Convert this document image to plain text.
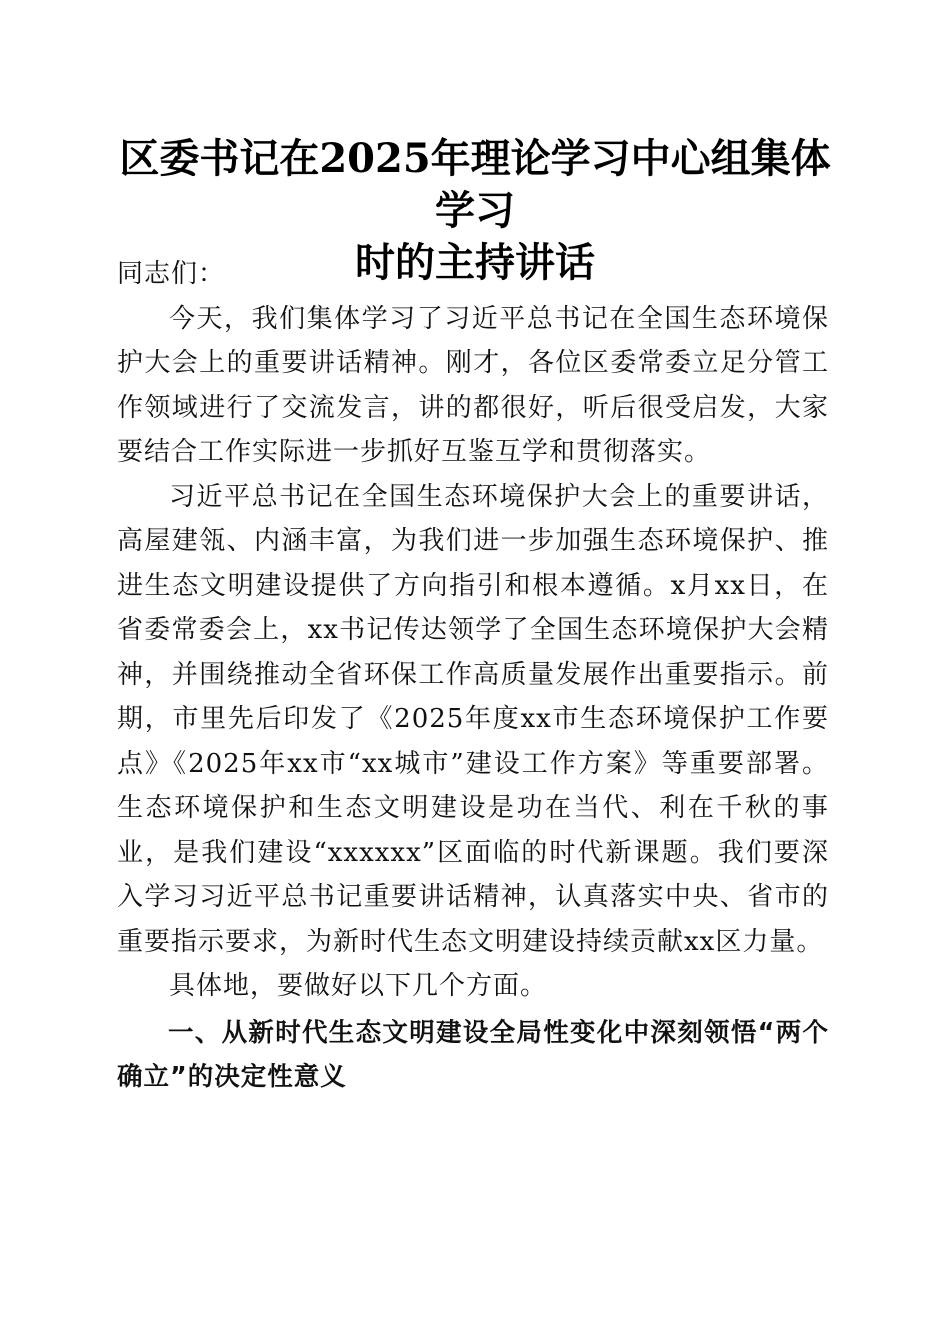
区委书记在2025年理论学习中心组集体学习
时的主持讲话

同志们：

今天，我们集体学习了习近平总书记在全国生态环境保护大会上的重要讲话精神。刚才，各位区委常委立足分管工作领域进行了交流发言，讲的都很好，听后很受启发，大家要结合工作实际进一步抓好互鉴互学和贯彻落实。

习近平总书记在全国生态环境保护大会上的重要讲话，高屋建瓴、内涵丰富，为我们进一步加强生态环境保护、推进生态文明建设提供了方向指引和根本遵循。x月xx日，在省委常委会上，xx书记传达领学了全国生态环境保护大会精神，并围绕推动全省环保工作高质量发展作出重要指示。前期，市里先后印发了《2025年度xx市生态环境保护工作要点》《2025年xx市“xx城市”建设工作方案》等重要部署。生态环境保护和生态文明建设是功在当代、利在千秋的事业，是我们建设“xxxxxx”区面临的时代新课题。我们要深入学习习近平总书记重要讲话精神，认真落实中央、省市的重要指示要求，为新时代生态文明建设持续贡献xx区力量。

具体地，要做好以下几个方面。

一、从新时代生态文明建设全局性变化中深刻领悟“两个确立”的决定性意义
